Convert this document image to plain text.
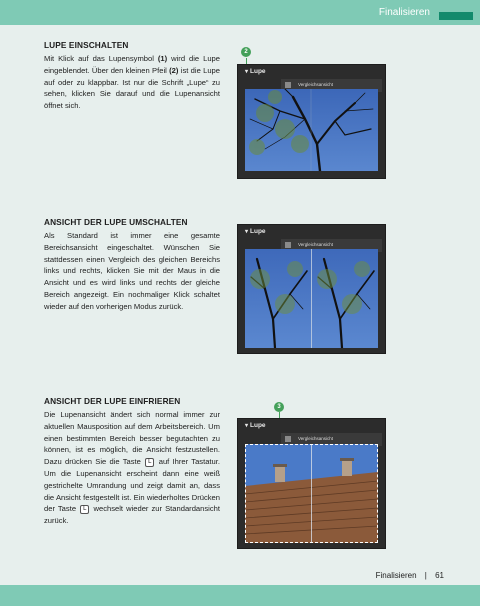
Finalisieren
LUPE EINSCHALTEN

Mit Klick auf das Lupensymbol (1) wird die Lupe eingeblendet. Über den kleinen Pfeil (2) ist die Lupe auf oder zu klappbar. Ist nur die Schrift „Lupe“ zu sehen, klicken Sie darauf und die Lupenansicht öffnet sich.

ANSICHT DER LUPE UMSCHALTEN

Als Standard ist immer eine gesamte Bereichsansicht eingeschaltet. Wünschen Sie stattdessen einen Vergleich des gleichen Bereichs links und rechts, klicken Sie mit der Maus in die Ansicht und es wird links und rechts der gleiche Bereich angezeigt. Ein nochmaliger Klick schaltet wieder auf den vorherigen Modus zurück.

ANSICHT DER LUPE EINFRIEREN

Die Lupenansicht ändert sich normal immer zur aktuellen Mausposition auf dem Arbeitsbereich. Um einen bestimmten Bereich besser begutachten zu können, ist es möglich, die Ansicht festzustellen. Dazu drücken Sie die Taste L auf Ihrer Tastatur. Um die Lupenansicht erscheint dann eine weiß gestrichelte Umrandung und zeigt damit an, dass die Ansicht festgestellt ist. Ein wiederholtes Drücken der Taste L wechselt wieder zur Standardansicht zurück.

2
▾ Lupe
Vergleichsansicht
▾ Lupe
Vergleichsansicht
3
▾ Lupe
Vergleichsansicht
Finalisieren | 61
